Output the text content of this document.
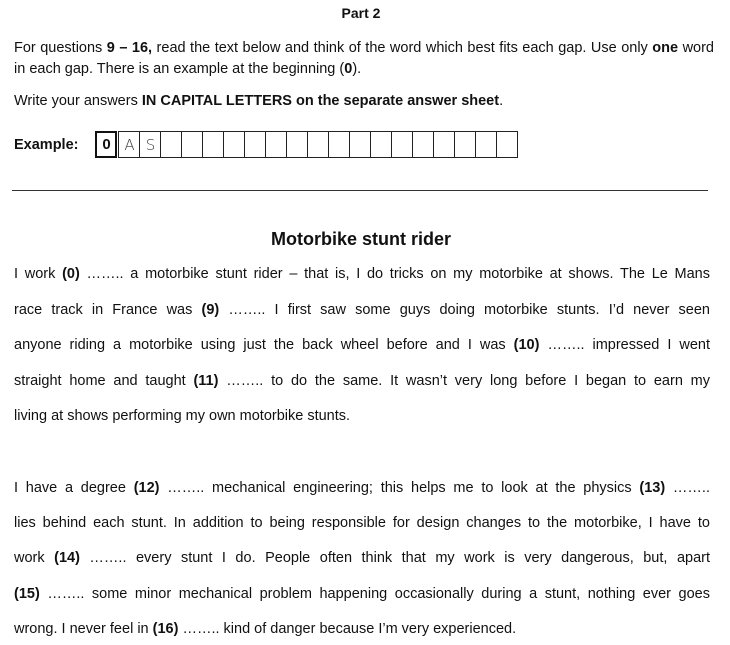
Part 2
For questions 9 – 16, read the text below and think of the word which best fits each gap. Use only one word in each gap. There is an example at the beginning (0).
Write your answers IN CAPITAL LETTERS on the separate answer sheet.
Example:	0 A S
Motorbike stunt rider
I work (0) …….. a motorbike stunt rider – that is, I do tricks on my motorbike at shows. The Le Mans
race track in France was (9) …….. I first saw some guys doing motorbike stunts. I’d never seen
anyone riding a motorbike using just the back wheel before and I was (10) …….. impressed I went
straight home and taught (11) …….. to do the same. It wasn’t very long before I began to earn my
living at shows performing my own motorbike stunts.
I have a degree (12) …….. mechanical engineering; this helps me to look at the physics (13) ……..
lies behind each stunt. In addition to being responsible for design changes to the motorbike, I have to
work (14) …….. every stunt I do. People often think that my work is very dangerous, but, apart
(15) …….. some minor mechanical problem happening occasionally during a stunt, nothing ever goes
wrong. I never feel in (16) …….. kind of danger because I’m very experienced.
